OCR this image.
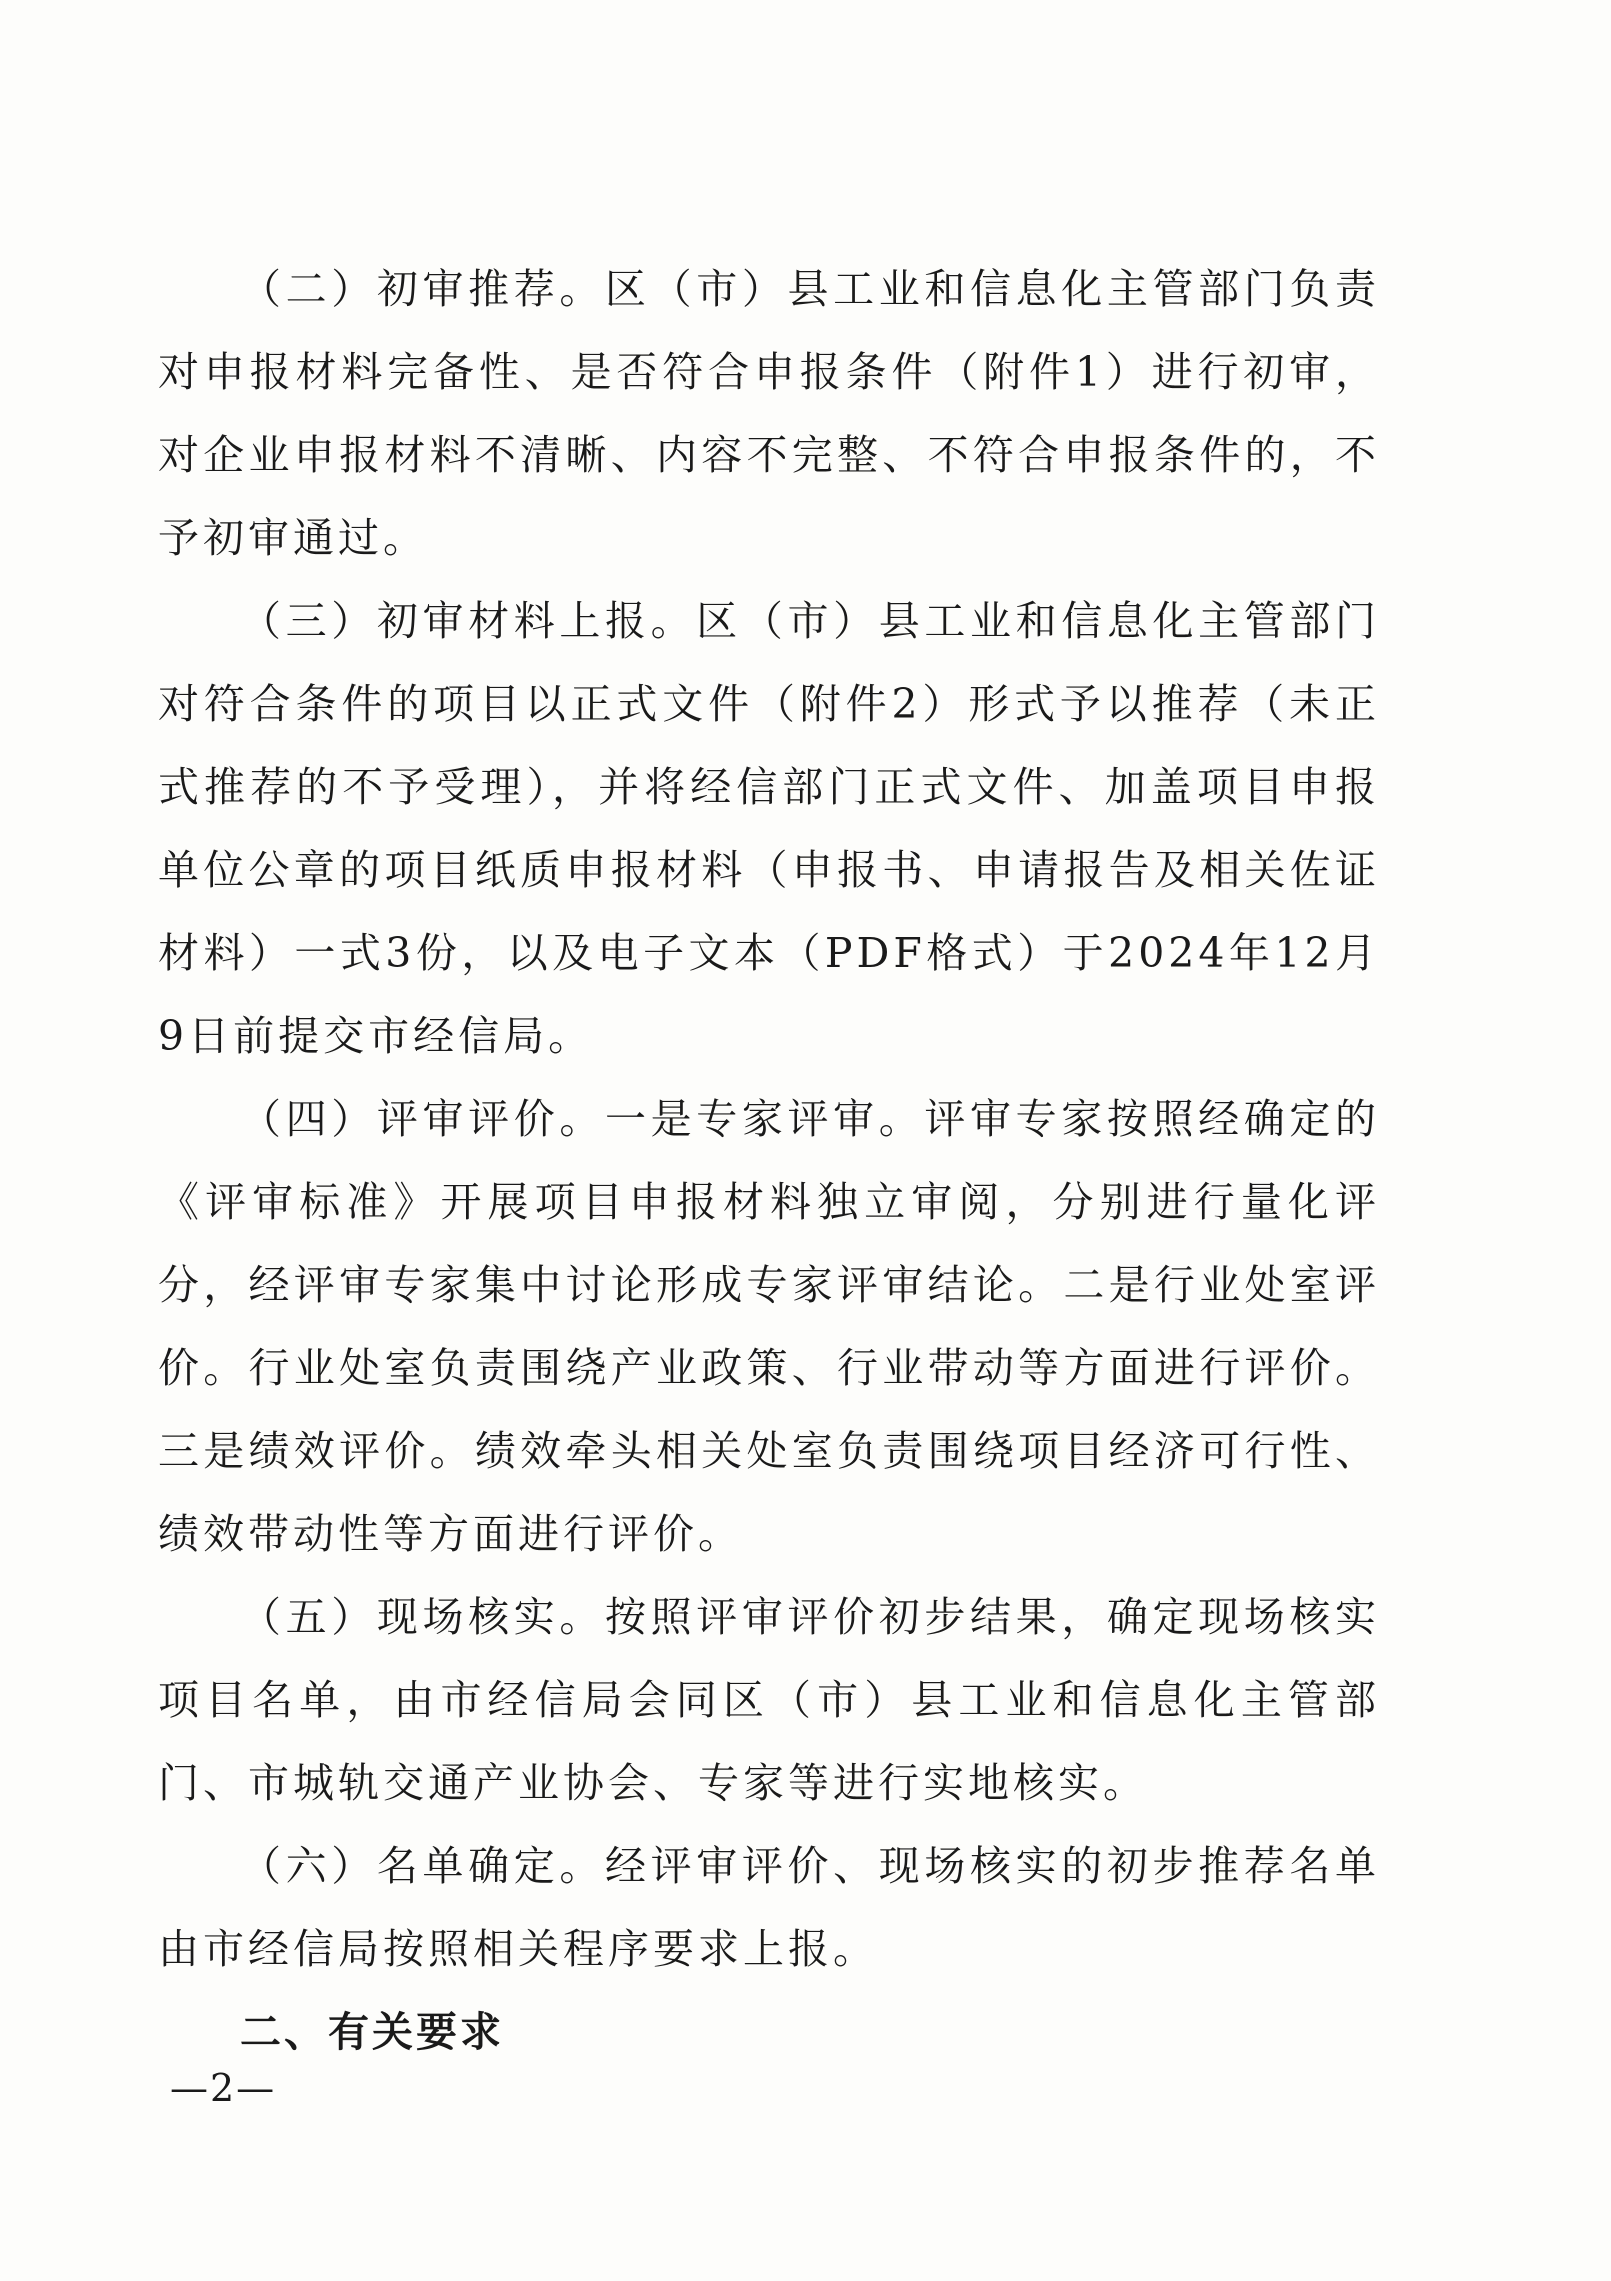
（二）初审推荐。区（市）县工业和信息化主管部门负责对申报材料完备性、是否符合申报条件（附件1）进行初审，对企业申报材料不清晰、内容不完整、不符合申报条件的，不予初审通过。

（三）初审材料上报。区（市）县工业和信息化主管部门对符合条件的项目以正式文件（附件2）形式予以推荐（未正式推荐的不予受理），并将经信部门正式文件、加盖项目申报单位公章的项目纸质申报材料（申报书、申请报告及相关佐证材料）一式3份，以及电子文本（PDF格式）于2024年12月9日前提交市经信局。

（四）评审评价。一是专家评审。评审专家按照经确定的《评审标准》开展项目申报材料独立审阅，分别进行量化评分，经评审专家集中讨论形成专家评审结论。二是行业处室评价。行业处室负责围绕产业政策、行业带动等方面进行评价。三是绩效评价。绩效牵头相关处室负责围绕项目经济可行性、绩效带动性等方面进行评价。

（五）现场核实。按照评审评价初步结果，确定现场核实项目名单，由市经信局会同区（市）县工业和信息化主管部门、市城轨交通产业协会、专家等进行实地核实。

（六）名单确定。经评审评价、现场核实的初步推荐名单由市经信局按照相关程序要求上报。

二、有关要求

—2—
